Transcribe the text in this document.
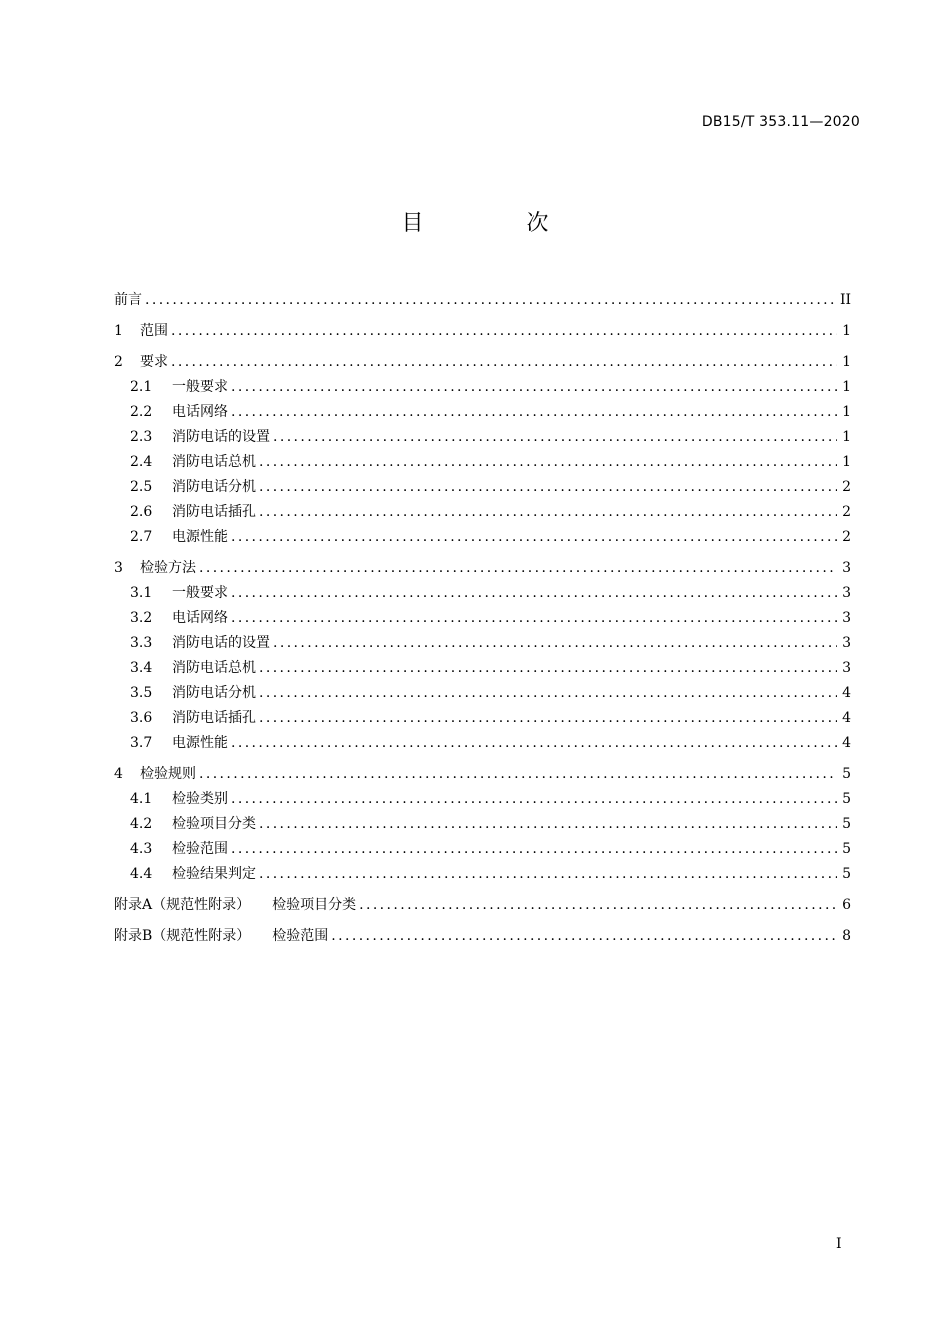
DB15/T 353.11—2020
目 次
前言 .....	II
1	范围 .....	1
2	要求 .....	1
2.1	一般要求 .....	1
2.2	电话网络 .....	1
2.3	消防电话的设置 .....	1
2.4	消防电话总机 .....	1
2.5	消防电话分机 .....	2
2.6	消防电话插孔 .....	2
2.7	电源性能 .....	2
3	检验方法 .....	3
3.1	一般要求 .....	3
3.2	电话网络 .....	3
3.3	消防电话的设置 .....	3
3.4	消防电话总机 .....	3
3.5	消防电话分机 .....	4
3.6	消防电话插孔 .....	4
3.7	电源性能 .....	4
4	检验规则 .....	5
4.1	检验类别 .....	5
4.2	检验项目分类 .....	5
4.3	检验范围 .....	5
4.4	检验结果判定 .....	5
附录A（规范性附录） 检验项目分类 .....	6
附录B（规范性附录） 检验范围 .....	8
I
